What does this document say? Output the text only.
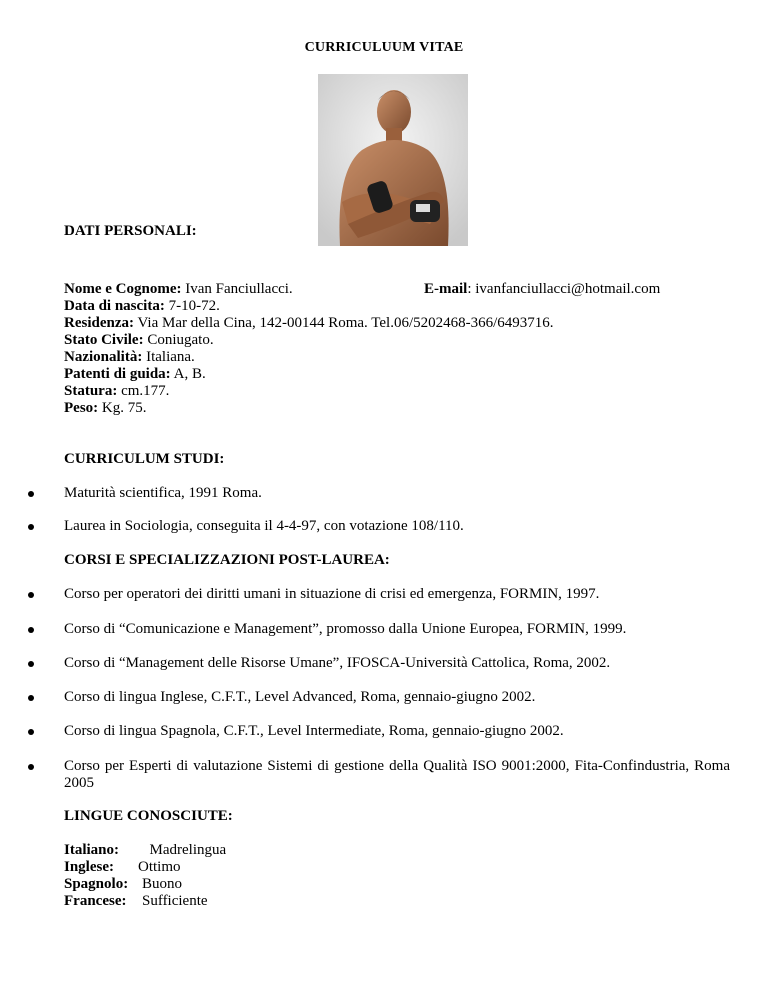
CURRICULUUM VITAE
DATI PERSONALI:
Nome e Cognome: Ivan Fanciullacci.	E-mail: ivanfanciullacci@hotmail.com
Data di nascita: 7-10-72.
Residenza: Via Mar della Cina, 142-00144 Roma. Tel.06/5202468-366/6493716.
Stato Civile: Coniugato.
Nazionalità: Italiana.
Patenti di guida: A, B.
Statura: cm.177.
Peso: Kg. 75.
CURRICULUM STUDI:
Maturità scientifica, 1991 Roma.
Laurea in Sociologia, conseguita il 4-4-97, con votazione 108/110.
CORSI E SPECIALIZZAZIONI POST-LAUREA:
Corso per operatori dei diritti umani in situazione di crisi ed emergenza, FORMIN, 1997.
Corso di “Comunicazione e Management”, promosso dalla Unione Europea, FORMIN, 1999.
Corso di “Management delle Risorse Umane”, IFOSCA-Università Cattolica, Roma, 2002.
Corso di lingua Inglese, C.F.T., Level Advanced, Roma, gennaio-giugno 2002.
Corso di lingua Spagnola, C.F.T., Level Intermediate, Roma, gennaio-giugno 2002.
Corso per Esperti di valutazione Sistemi di gestione della Qualità ISO 9001:2000, Fita-Confindustria, Roma 2005
LINGUE CONOSCIUTE:
Italiano:  Madrelingua
Inglese: Ottimo
Spagnolo: Buono
Francese: Sufficiente
